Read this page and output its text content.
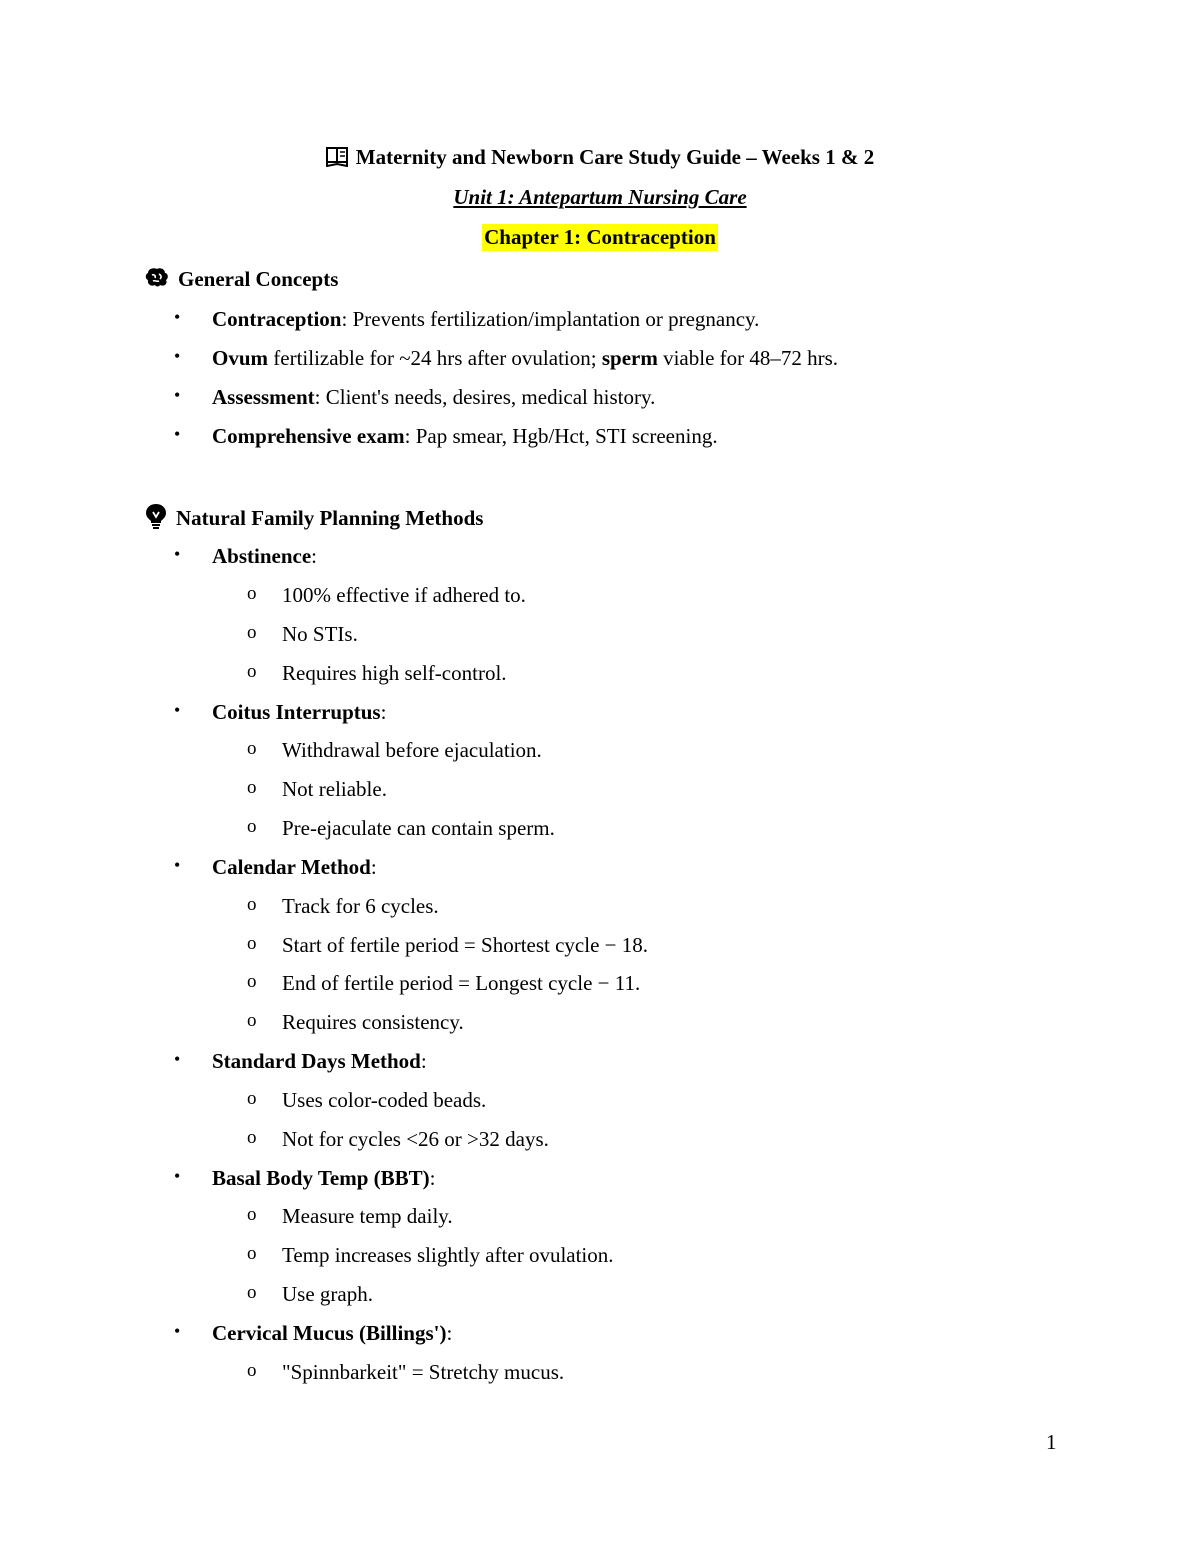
Maternity and Newborn Care Study Guide – Weeks 1 & 2
Unit 1: Antepartum Nursing Care
Chapter 1: Contraception
General Concepts
• Contraception: Prevents fertilization/implantation or pregnancy.
• Ovum fertilizable for ~24 hrs after ovulation; sperm viable for 48–72 hrs.
• Assessment: Client's needs, desires, medical history.
• Comprehensive exam: Pap smear, Hgb/Hct, STI screening.
Natural Family Planning Methods
• Abstinence:
o 100% effective if adhered to.
o No STIs.
o Requires high self-control.
• Coitus Interruptus:
o Withdrawal before ejaculation.
o Not reliable.
o Pre-ejaculate can contain sperm.
• Calendar Method:
o Track for 6 cycles.
o Start of fertile period = Shortest cycle − 18.
o End of fertile period = Longest cycle − 11.
o Requires consistency.
• Standard Days Method:
o Uses color-coded beads.
o Not for cycles <26 or >32 days.
• Basal Body Temp (BBT):
o Measure temp daily.
o Temp increases slightly after ovulation.
o Use graph.
• Cervical Mucus (Billings'):
o "Spinnbarkeit" = Stretchy mucus.
1
